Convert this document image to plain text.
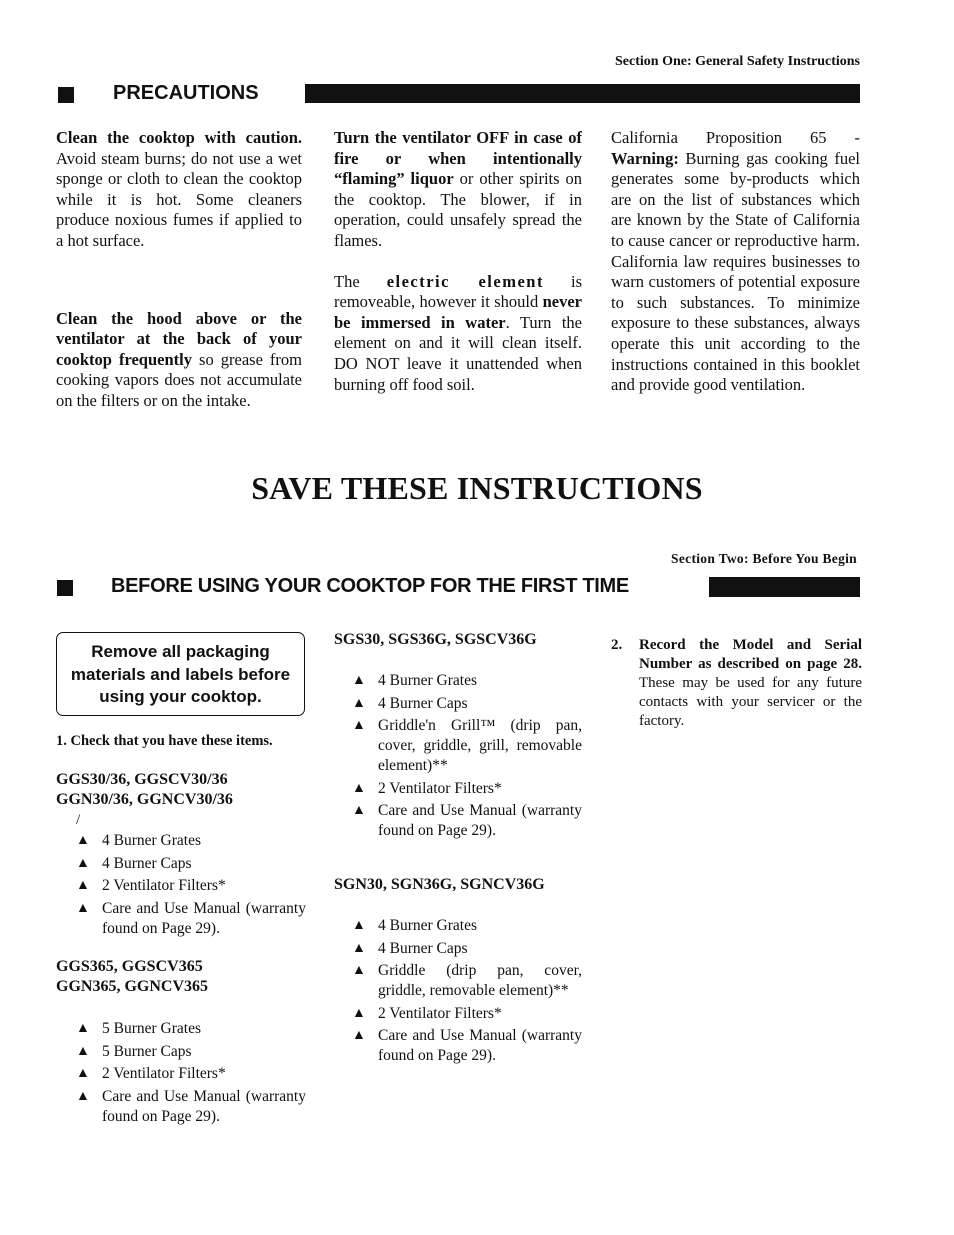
Section One: General Safety Instructions
PRECAUTIONS

Clean the cooktop with caution. Avoid steam burns; do not use a wet sponge or cloth to clean the cooktop while it is hot. Some cleaners produce noxious fumes if applied to a hot surface.

Clean the hood above or the ventilator at the back of your cooktop frequently so grease from cooking vapors does not accumulate on the filters or on the intake.

Turn the ventilator OFF in case of fire or when intentionally “flaming” liquor or other spirits on the cooktop. The blower, if in operation, could unsafely spread the flames.

The electric element is removeable, however it should never be immersed in water. Turn the element on and it will clean itself. DO NOT leave it unattended when burning off food soil.

California Proposition 65 - Warning: Burning gas cooking fuel generates some by-products which are on the list of substances which are known by the State of California to cause cancer or reproductive harm. California law requires businesses to warn customers of potential exposure to such substances. To minimize exposure to these substances, always operate this unit according to the instructions contained in this booklet and provide good ventilation.

SAVE THESE INSTRUCTIONS
Section Two: Before You Begin
BEFORE USING YOUR COOKTOP FOR THE FIRST TIME
Remove all packaging materials and labels before using your cooktop.
1. Check that you have these items.
GGS30/36, GGSCV30/36
GGN30/36, GGNCV30/36
/
▲ 4 Burner Grates
▲ 4 Burner Caps
▲ 2 Ventilator Filters*
▲ Care and Use Manual (warranty found on Page 29).
GGS365, GGSCV365
GGN365, GGNCV365
▲ 5 Burner Grates
▲ 5 Burner Caps
▲ 2 Ventilator Filters*
▲ Care and Use Manual (warranty found on Page 29).
SGS30, SGS36G, SGSCV36G
▲ 4 Burner Grates
▲ 4 Burner Caps
▲ Griddle'n Grill™ (drip pan, cover, griddle, grill, removable element)**
▲ 2 Ventilator Filters*
▲ Care and Use Manual (warranty found on Page 29).
SGN30, SGN36G, SGNCV36G
▲ 4 Burner Grates
▲ 4 Burner Caps
▲ Griddle (drip pan, cover, griddle, removable element)**
▲ 2 Ventilator Filters*
▲ Care and Use Manual (warranty found on Page 29).
2. Record the Model and Serial Number as described on page 28. These may be used for any future contacts with your servicer or the factory.
